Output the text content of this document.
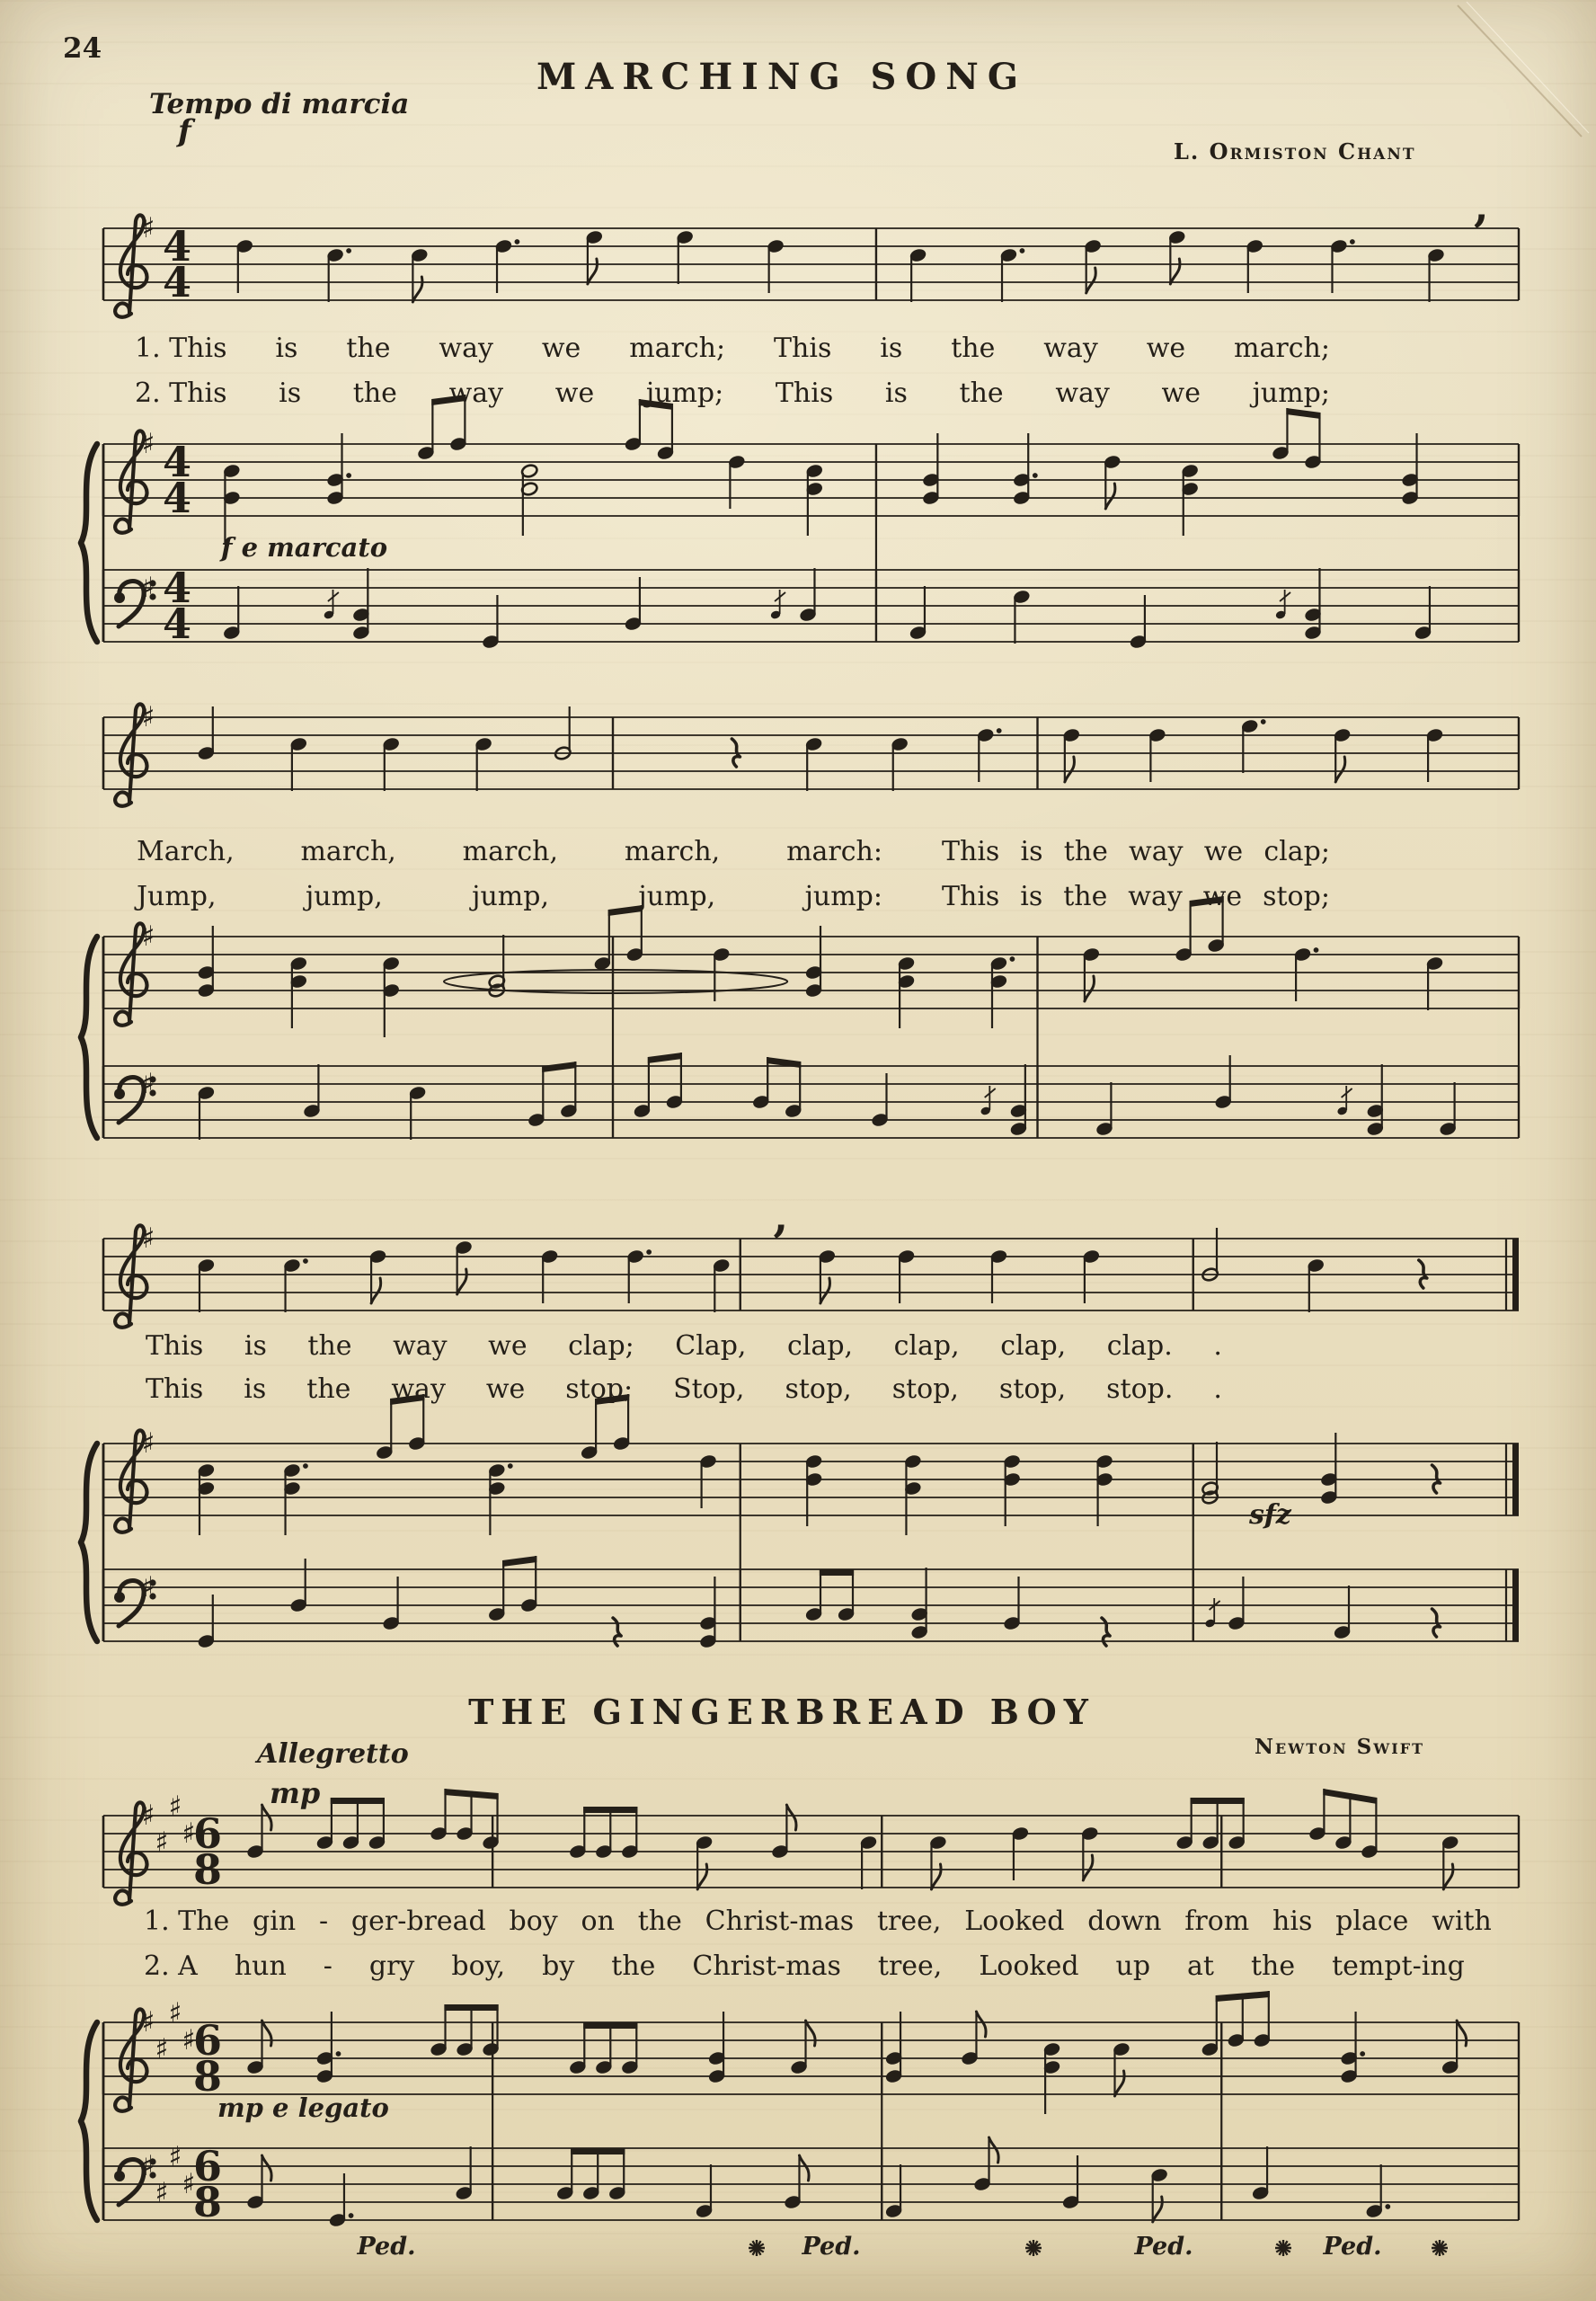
♯ 4
4
,
♯ 4
4
♯ 4
4
♯
♯
♯
♯	,
♯
♯
♯
♯
♯
♯
6
8
♯
♯
♯
♯
6
8
♯
♯
♯
♯
6
8
24
MARCHING SONG
Tempo di marcia
f
L. Ormiston Chant
f e marcato
sfz
1. This is the way we march; This is the way we march;
2. This is the way we jump; This is the way we jump;
March, march, march, march, march:
Jump,	jump,	jump,	jump,	jump:
This is the way we clap;
This is the way we stop;
This is the way we clap; Clap, clap, clap, clap, clap. .
This is the way we stop; Stop, stop, stop, stop, stop. .
THE GINGERBREAD BOY
Newton Swift
Allegretto
mp
mp e legato
1. The gin - ger-bread boy on the Christ-mas tree, Looked down from his place with
2. A hun - gry boy, by the Christ-mas tree, Looked up at the tempt-ing
Ped.	Ped.	Ped.	Ped.
